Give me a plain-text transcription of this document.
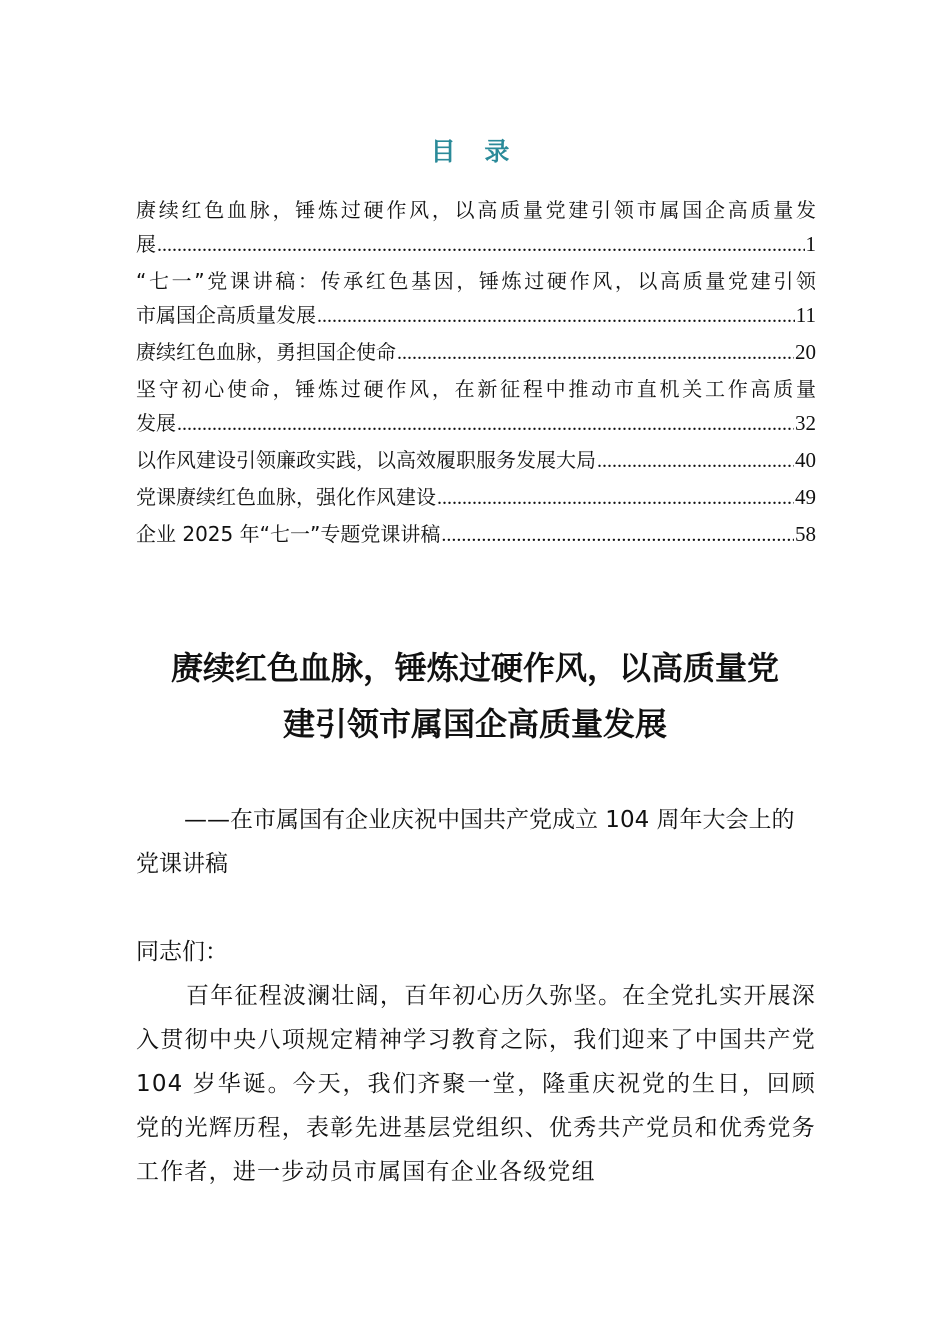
目 录
赓续红色血脉，锤炼过硬作风，以高质量党建引领市属国企高质量发
展 .....	1
“七一”党课讲稿：传承红色基因，锤炼过硬作风，以高质量党建引领
市属国企高质量发展 .....	11
赓续红色血脉，勇担国企使命 .....	20
坚守初心使命，锤炼过硬作风，在新征程中推动市直机关工作高质量
发展 .....	32
以作风建设引领廉政实践，以高效履职服务发展大局 .....	40
党课赓续红色血脉，强化作风建设 .....	49
企业 2025 年“七一”专题党课讲稿 .....	58
赓续红色血脉，锤炼过硬作风，以高质量党
建引领市属国企高质量发展
——在市属国有企业庆祝中国共产党成立 104 周年大会上的党课讲稿

同志们：

百年征程波澜壮阔，百年初心历久弥坚。在全党扎实开展深入贯彻中央八项规定精神学习教育之际，我们迎来了中国共产党 104 岁华诞。今天，我们齐聚一堂，隆重庆祝党的生日，回顾党的光辉历程，表彰先进基层党组织、优秀共产党员和优秀党务工作者，进一步动员市属国有企业各级党组
